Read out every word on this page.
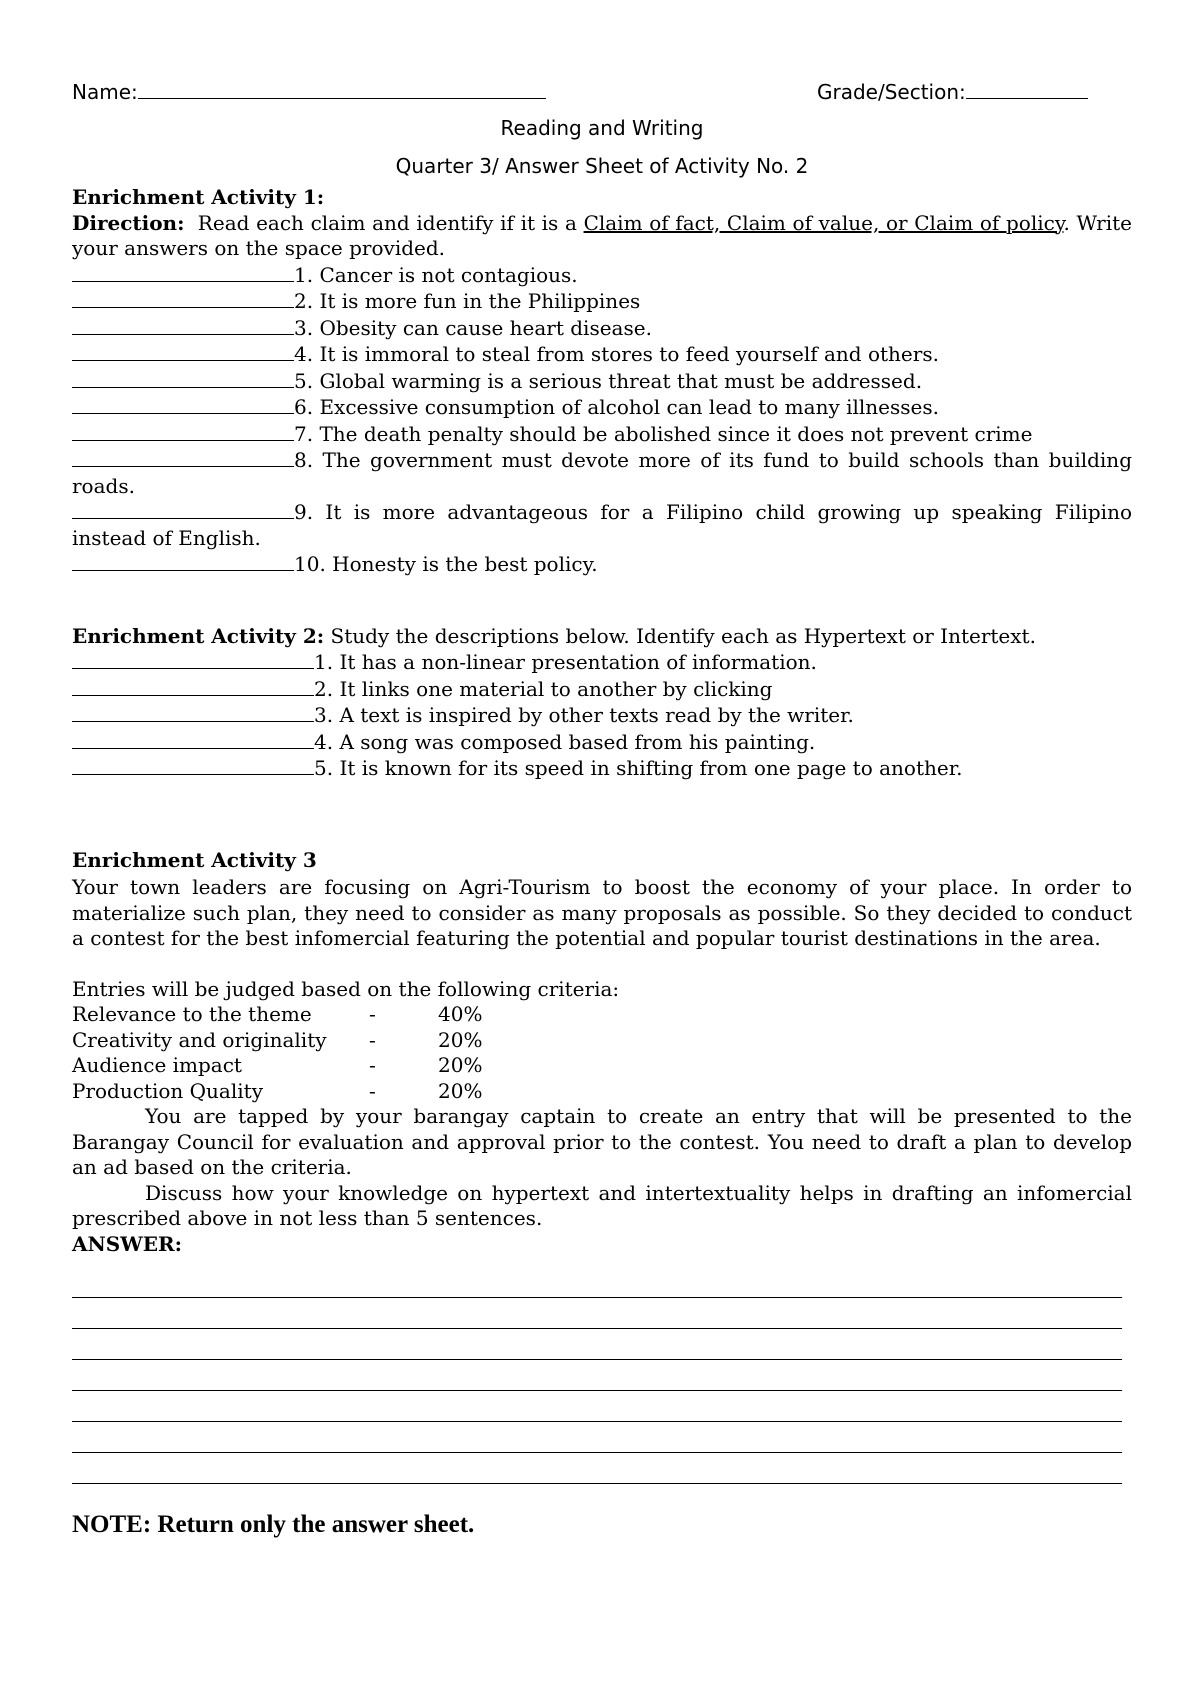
Name:	Grade/Section:
Reading and Writing
Quarter 3/ Answer Sheet of Activity No. 2
Enrichment Activity 1:
Direction:  Read each claim and identify if it is a Claim of fact, Claim of value, or Claim of policy. Write your answers on the space provided.
1. Cancer is not contagious.
2. It is more fun in the Philippines
3. Obesity can cause heart disease.
4. It is immoral to steal from stores to feed yourself and others.
5. Global warming is a serious threat that must be addressed.
6. Excessive consumption of alcohol can lead to many illnesses.
7. The death penalty should be abolished since it does not prevent crime
8. The government must devote more of its fund to build schools than building roads.
9. It is more advantageous for a Filipino child growing up speaking Filipino instead of English.
10. Honesty is the best policy.
Enrichment Activity 2: Study the descriptions below. Identify each as Hypertext or Intertext.
1. It has a non-linear presentation of information.
2. It links one material to another by clicking
3. A text is inspired by other texts read by the writer.
4. A song was composed based from his painting.
5. It is known for its speed in shifting from one page to another.
Enrichment Activity 3
Your town leaders are focusing on Agri-Tourism to boost the economy of your place. In order to materialize such plan, they need to consider as many proposals as possible. So they decided to conduct a contest for the best infomercial featuring the potential and popular tourist destinations in the area.
Entries will be judged based on the following criteria:
Relevance to the theme	-	40%
Creativity and originality -	20%
Audience impact	-	20%
Production Quality	-	20%
You are tapped by your barangay captain to create an entry that will be presented to the Barangay Council for evaluation and approval prior to the contest. You need to draft a plan to develop an ad based on the criteria.
Discuss how your knowledge on hypertext and intertextuality helps in drafting an infomercial prescribed above in not less than 5 sentences.
ANSWER:
NOTE: Return only the answer sheet.
